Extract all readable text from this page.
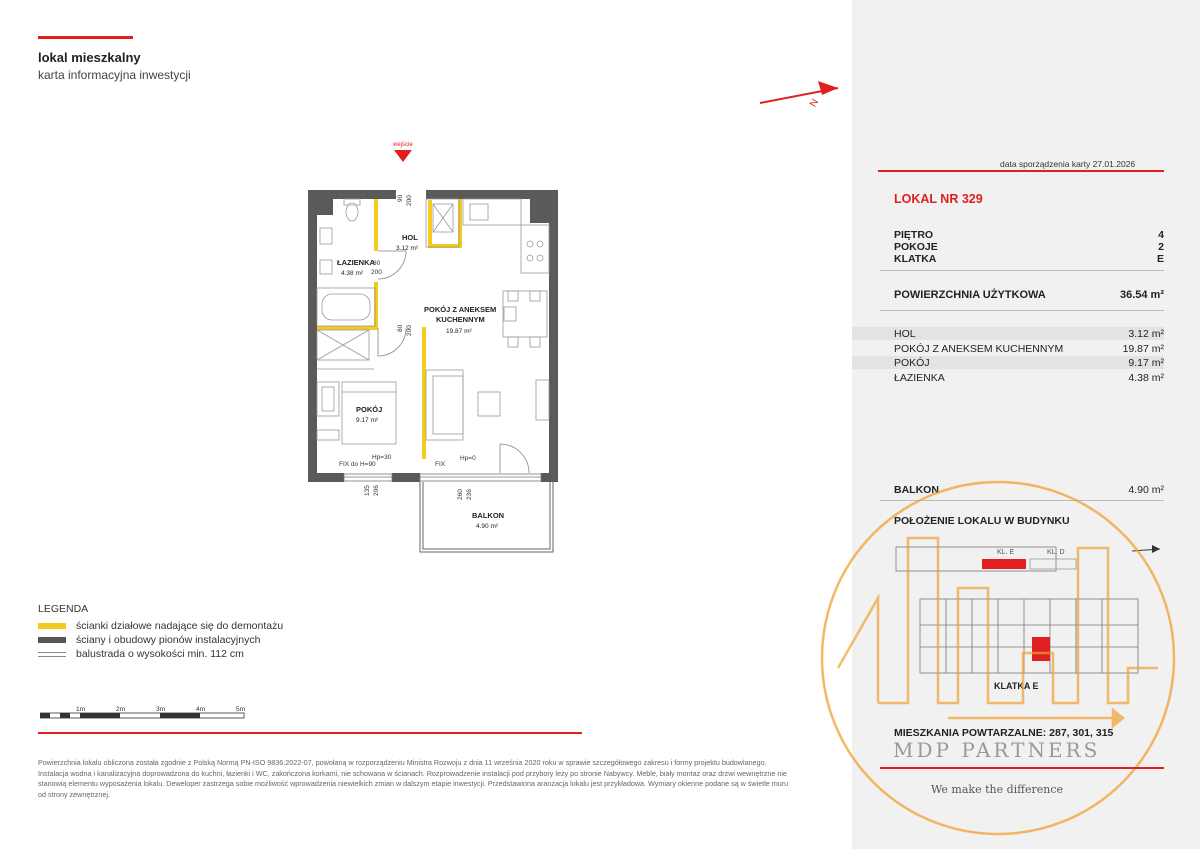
lokal mieszkalny
karta informacyjna inwestycji
N
wejście
HOL
3.12 m²
ŁAZIENKA
4.38 m²
POKÓJ Z ANEKSEM
KUCHENNYM
19.87 m²
POKÓJ
9.17 m²
BALKON
4.90 m²
90 200
80
200
80 200
Hp=30
FIX do H=90	FIX
Hp=0
135 206	260 236
LEGENDA
ścianki działowe nadające się do demontażu
ściany i obudowy pionów instalacyjnych
balustrada o wysokości min. 112 cm
1m	2m	3m	4m	5m
Powierzchnia lokalu obliczona została zgodnie z Polską Normą PN-ISO 9836:2022-07, powołaną w rozporządzeniu Ministra Rozwoju z dnia 11 września 2020 roku w sprawie szczegółowego zakresu i formy projektu budowlanego. Instalacja wodna i kanalizacyjna doprowadzona do kuchni, łazienki i WC, zakończona korkami, nie schowana w ścianach. Rozprowadzenie instalacji pod przybory leży po stronie Nabywcy. Meble, biały montaż oraz drzwi wewnętrzne nie stanowią elementu wyposażenia lokalu. Deweloper zastrzega sobie możliwość wprowadzenia niewielkich zmian w dalszym etapie inwestycji. Przedstawiona aranżacja lokalu jest przykładowa. Wymiary okienne podane są w świetle muru od strony zewnętrznej.
data sporządzenia karty 27.01.2026
LOKAL NR 329
PIĘTRO	4
POKOJE	2
KLATKA	E
POWIERZCHNIA UŻYTKOWA	36.54 m²
HOL	3.12 m²
POKÓJ Z ANEKSEM KUCHENNYM	19.87 m²
POKÓJ	9.17 m²
ŁAZIENKA	4.38 m²
BALKON	4.90 m²
POŁOŻENIE LOKALU W BUDYNKU
KL. E	KL. D
KLATKA E
MDP PARTNERS
We make the difference
MIESZKANIA POWTARZALNE: 287, 301, 315
